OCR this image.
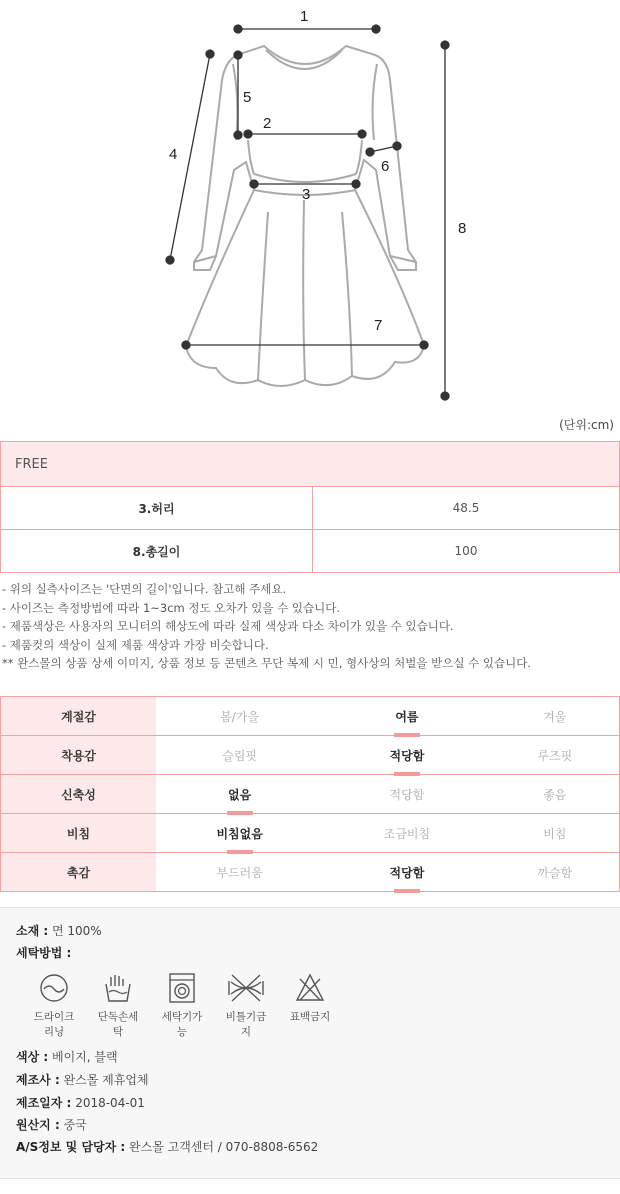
1
2
3
4
5
6
7
8
(단위:cm)
FREE	
3.허리	48.5
8.총길이	100
- 위의 실측사이즈는 '단면의 길이'입니다. 참고해 주세요.
- 사이즈는 측정방법에 따라 1~3cm 정도 오차가 있을 수 있습니다.
- 제품색상은 사용자의 모니터의 해상도에 따라 실제 색상과 다소 차이가 있을 수 있습니다.
- 제품컷의 색상이 실제 제품 색상과 가장 비슷합니다.
** 완스몰의 상품 상세 이미지, 상품 정보 등 콘텐츠 무단 복제 시 민, 형사상의 처벌을 받으실 수 있습니다.
계절감	봄/가을	여름	겨울
착용감	슬림핏	적당함	루즈핏
신축성	없음	적당함	좋음
비침	비침없음	조금비침	비침
촉감	부드러움	적당함	까슬함
소재 : 면 100%
세탁방법 :
드라이크리닝
단독손세탁
세탁기가능
비틀기금지
표백금지
색상 : 베이지, 블랙
제조사 : 완스몰 제휴업체
제조일자 : 2018-04-01
원산지 : 중국
A/S정보 및 담당자 : 완스몰 고객센터 / 070-8808-6562
